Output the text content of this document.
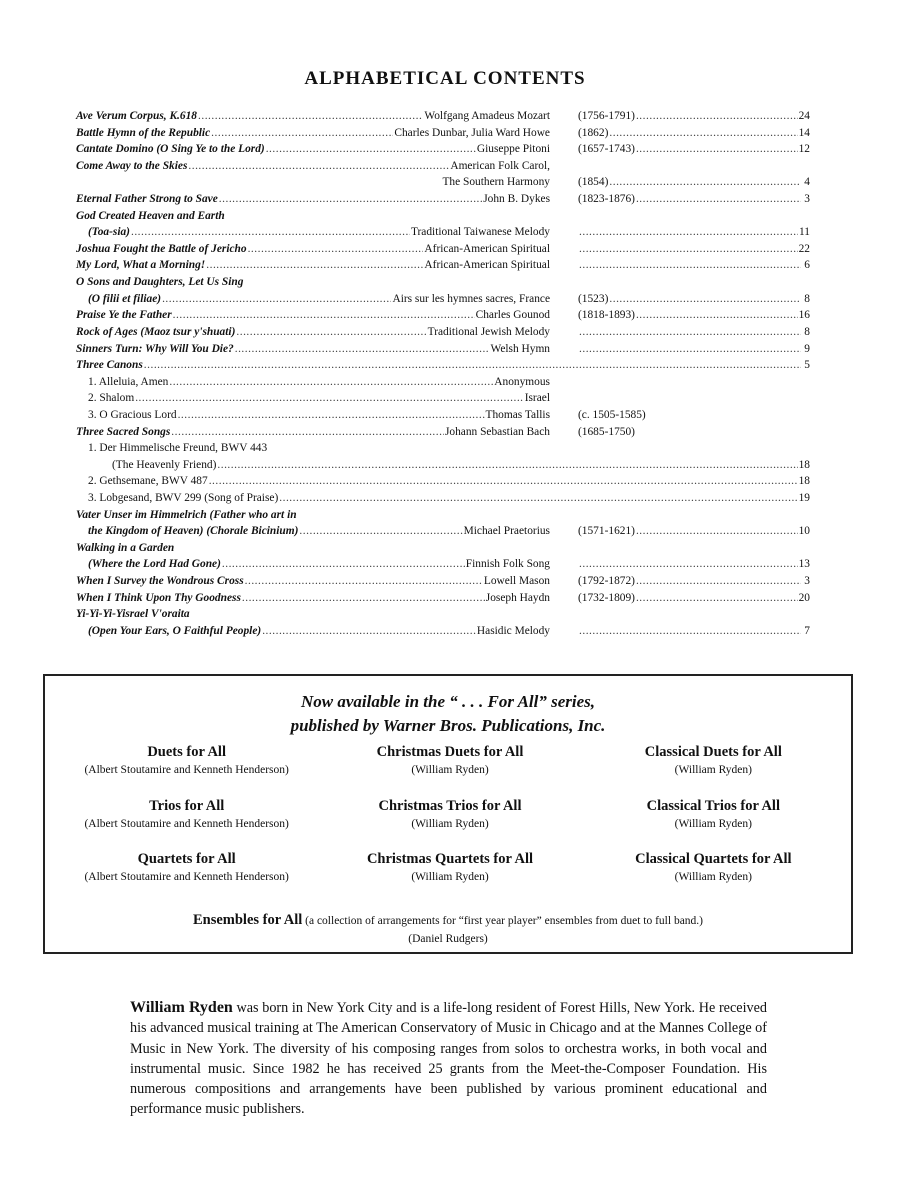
ALPHABETICAL CONTENTS
Ave Verum Corpus, K.618 .....	Wolfgang Amadeus Mozart (1756-1791) .....	24
Battle Hymn of the Republic .....	Charles Dunbar, Julia Ward Howe (1862) .....	14
Cantate Domino (O Sing Ye to the Lord) .....	Giuseppe Pitoni (1657-1743) .....	12
Come Away to the Skies .....	American Folk Carol,
The Southern Harmony (1854) .....	4
Eternal Father Strong to Save .....	John B. Dykes (1823-1876) .....	3
God Created Heaven and Earth
(Toa-sia) .....	Traditional Taiwanese Melody .....	11
Joshua Fought the Battle of Jericho .....	African-American Spiritual .....	22
My Lord, What a Morning! .....	African-American Spiritual .....	6
O Sons and Daughters, Let Us Sing
(O filii et filiae) .....	Airs sur les hymnes sacres, France (1523) .....	8
Praise Ye the Father .....	Charles Gounod (1818-1893) .....	16
Rock of Ages (Maoz tsur y'shuati) .....	Traditional Jewish Melody .....	8
Sinners Turn: Why Will You Die? .....	Welsh Hymn .....	9
Three Canons .....	5
1. Alleluia, Amen .....	Anonymous
2. Shalom .....	Israel
3. O Gracious Lord .....	Thomas Tallis (c. 1505-1585)
Three Sacred Songs .....	Johann Sebastian Bach (1685-1750)
1. Der Himmelische Freund, BWV 443
(The Heavenly Friend) .....	18
2. Gethsemane, BWV 487 .....	18
3. Lobgesand, BWV 299 (Song of Praise) .....	19
Vater Unser im Himmelrich (Father who art in
the Kingdom of Heaven) (Chorale Bicinium) .....	Michael Praetorius (1571-1621) .....	10
Walking in a Garden
(Where the Lord Had Gone) .....	Finnish Folk Song .....	13
When I Survey the Wondrous Cross .....	Lowell Mason (1792-1872) .....	3
When I Think Upon Thy Goodness .....	Joseph Haydn (1732-1809) .....	20
Yi-Yi-Yi-Yisrael V'oraita
(Open Your Ears, O Faithful People) .....	Hasidic Melody .....	7
Now available in the “ . . . For All” series,
published by Warner Bros. Publications, Inc.
Duets for All
(Albert Stoutamire and Kenneth Henderson)
Christmas Duets for All
(William Ryden)
Classical Duets for All
(William Ryden)
Trios for All
(Albert Stoutamire and Kenneth Henderson)
Christmas Trios for All
(William Ryden)
Classical Trios for All
(William Ryden)
Quartets for All
(Albert Stoutamire and Kenneth Henderson)
Christmas Quartets for All
(William Ryden)
Classical Quartets for All
(William Ryden)
Ensembles for All (a collection of arrangements for “first year player” ensembles from duet to full band.)
(Daniel Rudgers)
William Ryden was born in New York City and is a life-long resident of Forest Hills, New York. He received his advanced musical training at The American Conservatory of Music in Chicago and at the Mannes College of Music in New York. The diversity of his composing ranges from solos to orchestra works, in both vocal and instrumental music. Since 1982 he has received 25 grants from the Meet-the-Composer Foundation. His numerous compositions and arrangements have been published by various prominent educational and performance music publishers.
